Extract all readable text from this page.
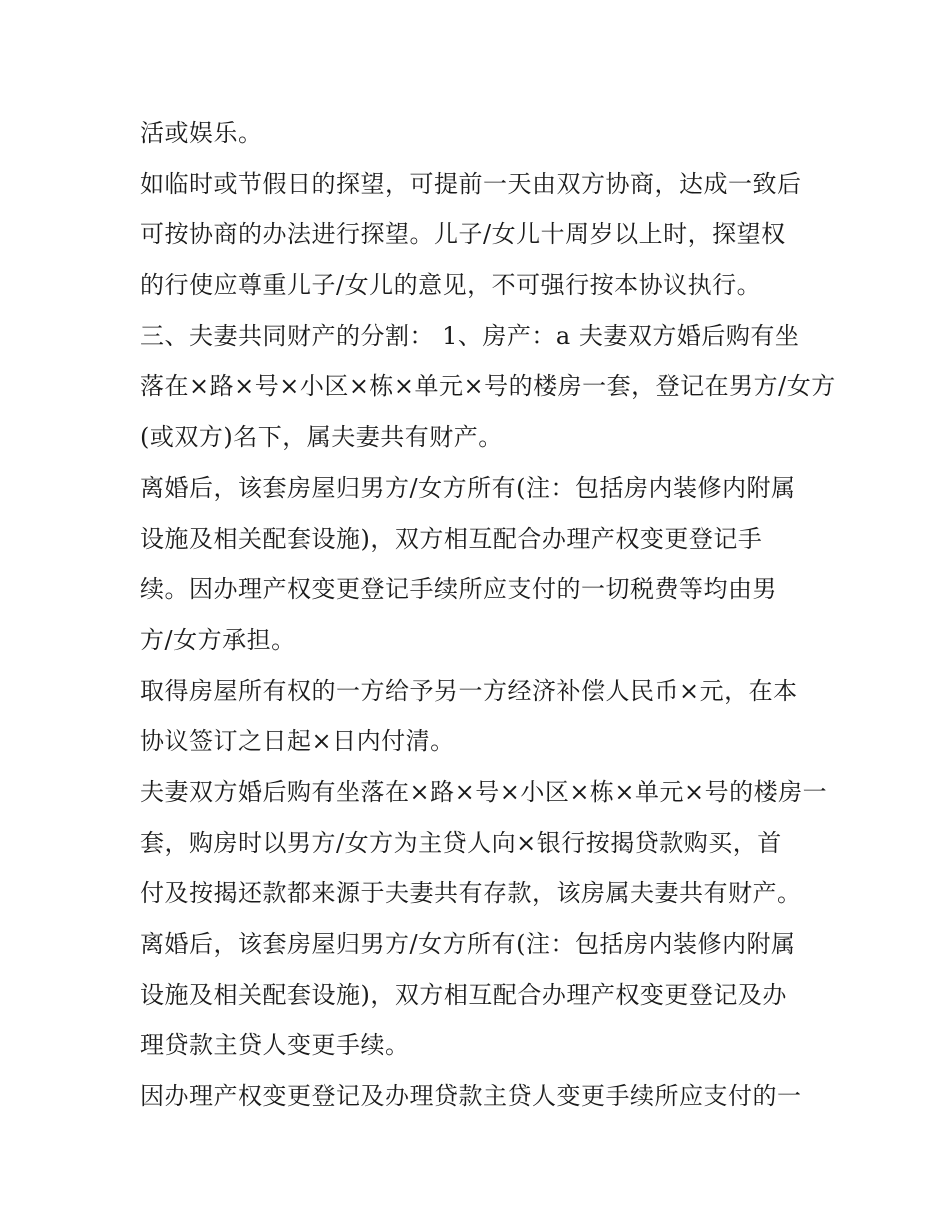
活或娱乐。
如临时或节假日的探望，可提前一天由双方协商，达成一致后
可按协商的办法进行探望。儿子/女儿十周岁以上时，探望权
的行使应尊重儿子/女儿的意见，不可强行按本协议执行。
三、夫妻共同财产的分割： 1、房产：a 夫妻双方婚后购有坐
落在×路×号×小区×栋×单元×号的楼房一套，登记在男方/女方
(或双方)名下，属夫妻共有财产。
离婚后，该套房屋归男方/女方所有(注：包括房内装修内附属
设施及相关配套设施)，双方相互配合办理产权变更登记手
续。因办理产权变更登记手续所应支付的一切税费等均由男
方/女方承担。
取得房屋所有权的一方给予另一方经济补偿人民币×元，在本
协议签订之日起×日内付清。
夫妻双方婚后购有坐落在×路×号×小区×栋×单元×号的楼房一
套，购房时以男方/女方为主贷人向×银行按揭贷款购买，首
付及按揭还款都来源于夫妻共有存款，该房属夫妻共有财产。
离婚后，该套房屋归男方/女方所有(注：包括房内装修内附属
设施及相关配套设施)，双方相互配合办理产权变更登记及办
理贷款主贷人变更手续。
因办理产权变更登记及办理贷款主贷人变更手续所应支付的一
